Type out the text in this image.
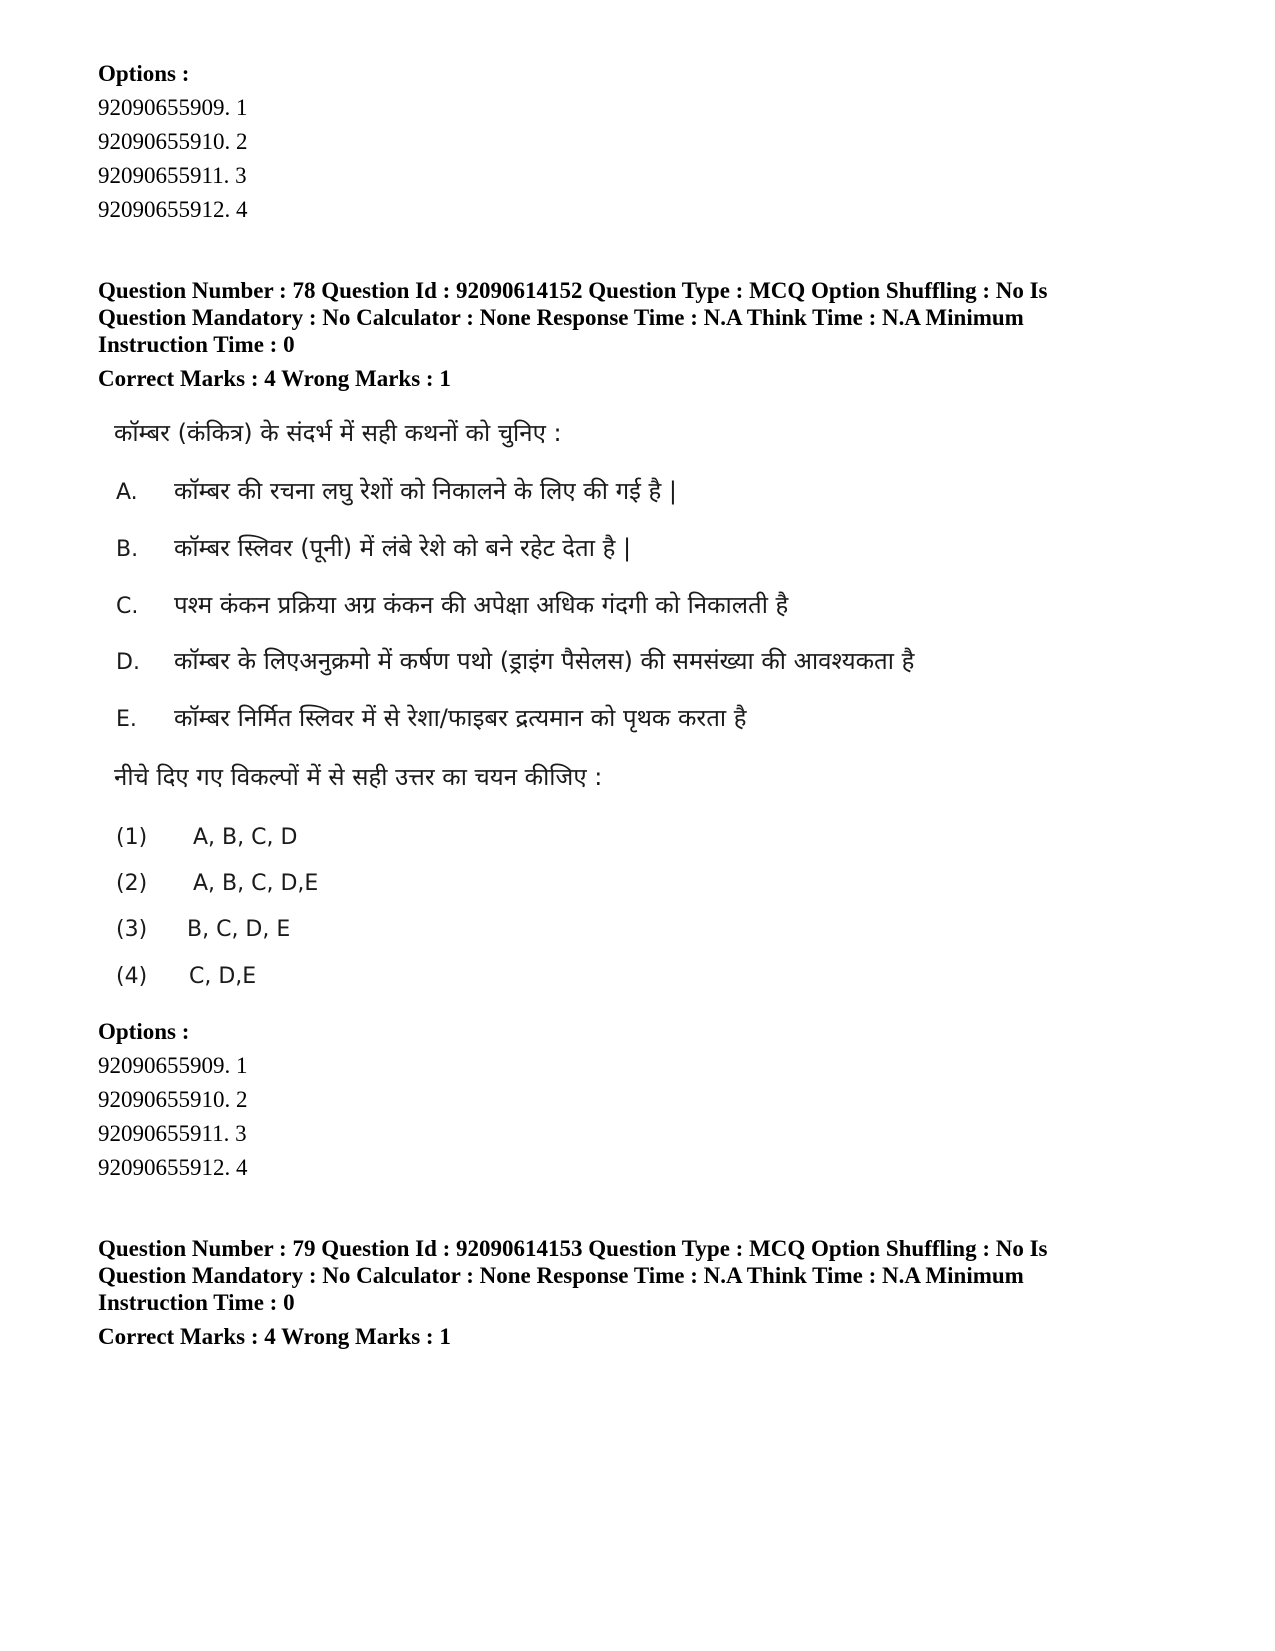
Options :
92090655909. 1
92090655910. 2
92090655911. 3
92090655912. 4
Question Number : 78 Question Id : 92090614152 Question Type : MCQ Option Shuffling : No Is
Question Mandatory : No Calculator : None Response Time : N.A Think Time : N.A Minimum
Instruction Time : 0
Correct Marks : 4 Wrong Marks : 1
कॉम्बर (कंकित्र) के संदर्भ में सही कथनों को चुनिए :
A. कॉम्बर की रचना लघु रेशों को निकालने के लिए की गई है |
B. कॉम्बर स्लिवर (पूनी) में लंबे रेशे को बने रहेट देता है |
C. पश्म कंकन प्रक्रिया अग्र कंकन की अपेक्षा अधिक गंदगी को निकालती है
D. कॉम्बर के लिएअनुक्रमो में कर्षण पथो (ड्राइंग पैसेलस) की समसंख्या की आवश्यकता है
E. कॉम्बर निर्मित स्लिवर में से रेशा/फाइबर द्रत्यमान को पृथक करता है
नीचे दिए गए विकल्पों में से सही उत्तर का चयन कीजिए :
(1) A, B, C, D
(2) A, B, C, D,E
(3) B, C, D, E
(4) C, D,E
Options :
92090655909. 1
92090655910. 2
92090655911. 3
92090655912. 4
Question Number : 79 Question Id : 92090614153 Question Type : MCQ Option Shuffling : No Is
Question Mandatory : No Calculator : None Response Time : N.A Think Time : N.A Minimum
Instruction Time : 0
Correct Marks : 4 Wrong Marks : 1
